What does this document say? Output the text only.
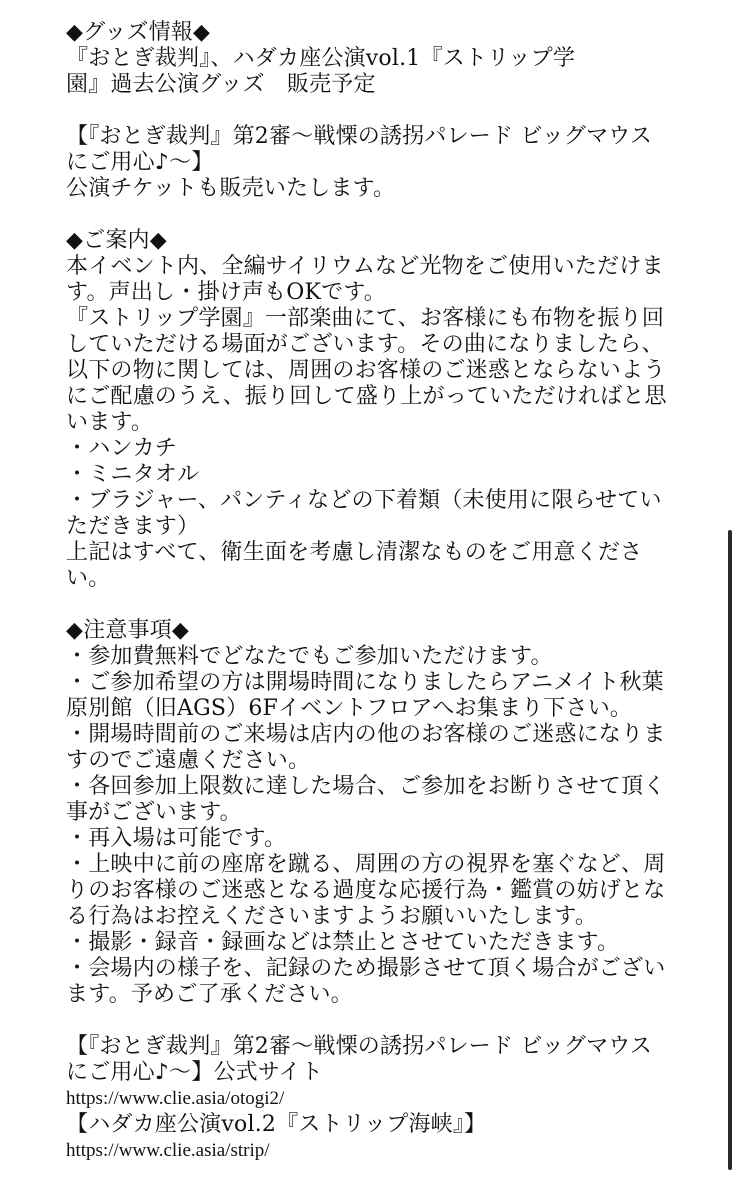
◆グッズ情報◆
『おとぎ裁判』、ハダカ座公演vol.1『ストリップ学
園』過去公演グッズ　販売予定
【『おとぎ裁判』第2審〜戦慄の誘拐パレード ビッグマウス
にご用心♪〜】
公演チケットも販売いたします。
◆ご案内◆
本イベント内、全編サイリウムなど光物をご使用いただけま
す。声出し・掛け声もOKです。
『ストリップ学園』一部楽曲にて、お客様にも布物を振り回
していただける場面がございます。その曲になりましたら、
以下の物に関しては、周囲のお客様のご迷惑とならないよう
にご配慮のうえ、振り回して盛り上がっていただければと思
います。
・ハンカチ
・ミニタオル
・ブラジャー、パンティなどの下着類（未使用に限らせてい
ただきます）
上記はすべて、衛生面を考慮し清潔なものをご用意くださ
い。
◆注意事項◆
・参加費無料でどなたでもご参加いただけます。
・ご参加希望の方は開場時間になりましたらアニメイト秋葉
原別館（旧AGS）6Fイベントフロアへお集まり下さい。
・開場時間前のご来場は店内の他のお客様のご迷惑になりま
すのでご遠慮ください。
・各回参加上限数に達した場合、ご参加をお断りさせて頂く
事がございます。
・再入場は可能です。
・上映中に前の座席を蹴る、周囲の方の視界を塞ぐなど、周
りのお客様のご迷惑となる過度な応援行為・鑑賞の妨げとな
る行為はお控えくださいますようお願いいたします。
・撮影・録音・録画などは禁止とさせていただきます。
・会場内の様子を、記録のため撮影させて頂く場合がござい
ます。予めご了承ください。
【『おとぎ裁判』第2審〜戦慄の誘拐パレード ビッグマウス
にご用心♪〜】公式サイト
https://www.clie.asia/otogi2/
【ハダカ座公演vol.2『ストリップ海峡』】
https://www.clie.asia/strip/
